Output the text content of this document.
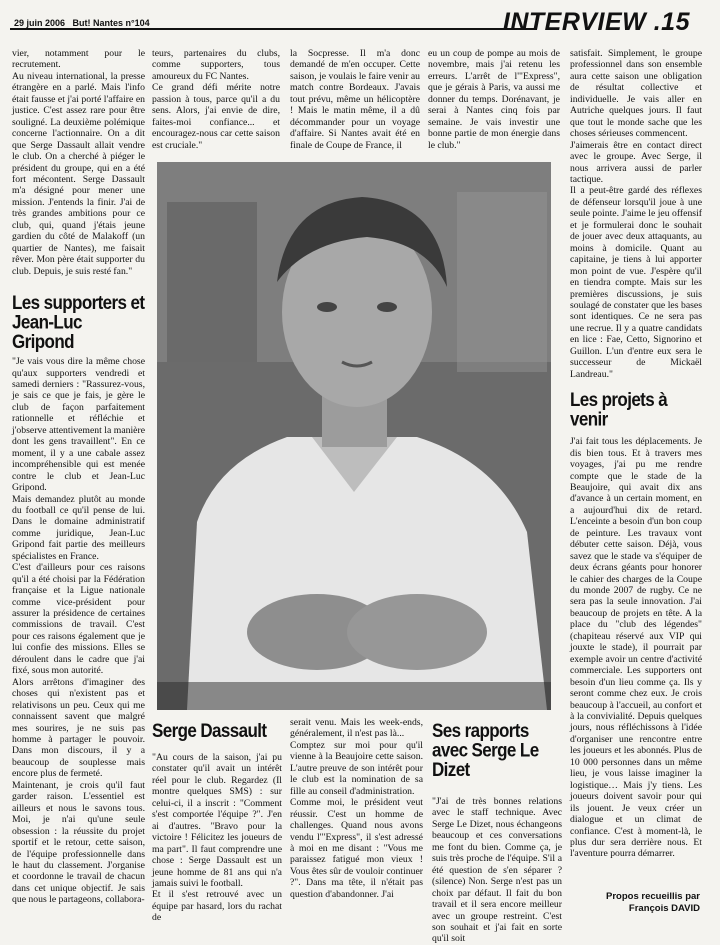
29 juin 2006 But! Nantes n°104	INTERVIEW .15

vier, notamment pour le recrutement.

Au niveau international, la presse étrangère en a parlé. Mais l'info était fausse et j'ai porté l'affaire en justice. C'est assez rare pour être souligné. La deuxième polémique concerne l'actionnaire. On a dit que Serge Dassault allait vendre le club. On a cherché à piéger le président du groupe, qui en a été fort mécontent. Serge Dassault m'a désigné pour mener une mission. J'entends la finir. J'ai de très grandes ambitions pour ce club, qui, quand j'étais jeune gardien du côté de Malakoff (un quartier de Nantes), me faisait rêver. Mon père était supporter du club. Depuis, je suis resté fan."

Les supporters et Jean-Luc Gripond

"Je vais vous dire la même chose qu'aux supporters vendredi et samedi derniers : "Rassurez-vous, je sais ce que je fais, je gère le club de façon parfaitement rationnelle et réfléchie et j'observe attentivement la manière dont les gens travaillent". En ce moment, il y a une cabale assez incompréhensible qui est menée contre le club et Jean-Luc Gripond.

Mais demandez plutôt au monde du football ce qu'il pense de lui. Dans le domaine administratif comme juridique, Jean-Luc Gripond fait partie des meilleurs spécialistes en France.

C'est d'ailleurs pour ces raisons qu'il a été choisi par la Fédération française et la Ligue nationale comme vice-président pour assurer la présidence de certaines commissions de travail. C'est pour ces raisons également que je lui confie des missions. Elles se déroulent dans le cadre que j'ai fixé, sous mon autorité.

Alors arrêtons d'imaginer des choses qui n'existent pas et relativisons un peu. Ceux qui me connaissent savent que malgré mes sourires, je ne suis pas homme à partager le pouvoir. Dans mon discours, il y a beaucoup de souplesse mais encore plus de fermeté.

Maintenant, je crois qu'il faut garder raison. L'essentiel est ailleurs et nous le savons tous. Moi, je n'ai qu'une seule obsession : la réussite du projet sportif et le retour, cette saison, de l'équipe professionnelle dans le haut du classement. J'organise et coordonne le travail de chacun dans cet unique objectif. Je sais que nous le partageons, collabora-

teurs, partenaires du clubs, comme supporters, tous amoureux du FC Nantes.

Ce grand défi mérite notre passion à tous, parce qu'il a du sens. Alors, j'ai envie de dire, faites-moi confiance... et encouragez-nous car cette saison est cruciale."

la Socpresse. Il m'a donc demandé de m'en occuper. Cette saison, je voulais le faire venir au match contre Bordeaux. J'avais tout prévu, même un hélicoptère ! Mais le matin même, il a dû décommander pour un voyage d'affaire. Si Nantes avait été en finale de Coupe de France, il

eu un coup de pompe au mois de novembre, mais j'ai retenu les erreurs. L'arrêt de l'"Express", que je gérais à Paris, va aussi me donner du temps. Dorénavant, je serai à Nantes cinq fois par semaine. Je vais investir une bonne partie de mon énergie dans le club."

satisfait. Simplement, le groupe professionnel dans son ensemble aura cette saison une obligation de résultat collective et individuelle. Je vais aller en Autriche quelques jours. Il faut que tout le monde sache que les choses sérieuses commencent.

J'aimerais être en contact direct avec le groupe. Avec Serge, il nous arrivera aussi de parler tactique.

Il a peut-être gardé des réflexes de défenseur lorsqu'il joue à une seule pointe. J'aime le jeu offensif et je formulerai donc le souhait de jouer avec deux attaquants, au moins à domicile. Quant au capitaine, je tiens à lui apporter mon point de vue. J'espère qu'il en tiendra compte. Mais sur les premières discussions, je suis soulagé de constater que les bases sont identiques. Ce ne sera pas une recrue. Il y a quatre candidats en lice : Fae, Cetto, Signorino et Guillon. L'un d'entre eux sera le successeur de Mickaël Landreau."

Les projets à venir

J'ai fait tous les déplacements. Je dis bien tous. Et à travers mes voyages, j'ai pu me rendre compte que le stade de la Beaujoire, qui avait dix ans d'avance à un certain moment, en a aujourd'hui dix de retard. L'enceinte a besoin d'un bon coup de peinture. Les travaux vont débuter cette saison. Déjà, vous savez que le stade va s'équiper de deux écrans géants pour honorer le cahier des charges de la Coupe du monde 2007 de rugby. Ce ne sera pas la seule innovation. J'ai beaucoup de projets en tête. A la place du "club des légendes" (chapiteau réservé aux VIP qui jouxte le stade), il pourrait par exemple avoir un centre d'activité commerciale. Les supporters ont besoin d'un lieu comme ça. Ils y seront comme chez eux. Je crois beaucoup à l'accueil, au confort et à la convivialité. Depuis quelques jours, nous réfléchissons à l'idée d'organiser une rencontre entre les joueurs et les abonnés. Plus de 10 000 personnes dans un même lieu, je vous laisse imaginer la logistique… Mais j'y tiens. Les joueurs doivent savoir pour qui ils jouent. Je veux créer un dialogue et un climat de confiance. C'est à moment-là, le plus dur sera derrière nous. Et l'aventure pourra démarrer.

Serge Dassault

"Au cours de la saison, j'ai pu constater qu'il avait un intérêt réel pour le club. Regardez (Il montre quelques SMS) : sur celui-ci, il a inscrit : "Comment s'est comportée l'équipe ?". J'en ai d'autres. "Bravo pour la victoire ! Félicitez les joueurs de ma part". Il faut comprendre une chose : Serge Dassault est un jeune homme de 81 ans qui n'a jamais suivi le football.

Et il s'est retrouvé avec un équipe par hasard, lors du rachat de

serait venu. Mais les week-ends, généralement, il n'est pas là...

Comptez sur moi pour qu'il vienne à la Beaujoire cette saison. L'autre preuve de son intérêt pour le club est la nomination de sa fille au conseil d'administration.

Comme moi, le président veut réussir. C'est un homme de challenges. Quand nous avons vendu l'"Express", il s'est adressé à moi en me disant : "Vous me paraissez fatigué mon vieux ! Vous êtes sûr de vouloir continuer ?". Dans ma tête, il n'était pas question d'abandonner. J'ai

Ses rapports avec Serge Le Dizet

"J'ai de très bonnes relations avec le staff technique. Avec Serge Le Dizet, nous échangeons beaucoup et ces conversations me font du bien. Comme ça, je suis très proche de l'équipe. S'il a été question de s'en séparer ? (silence) Non. Serge n'est pas un choix par défaut. Il fait du bon travail et il sera encore meilleur avec un groupe restreint. C'est son souhait et j'ai fait en sorte qu'il soit

Propos recueillis par
François DAVID
